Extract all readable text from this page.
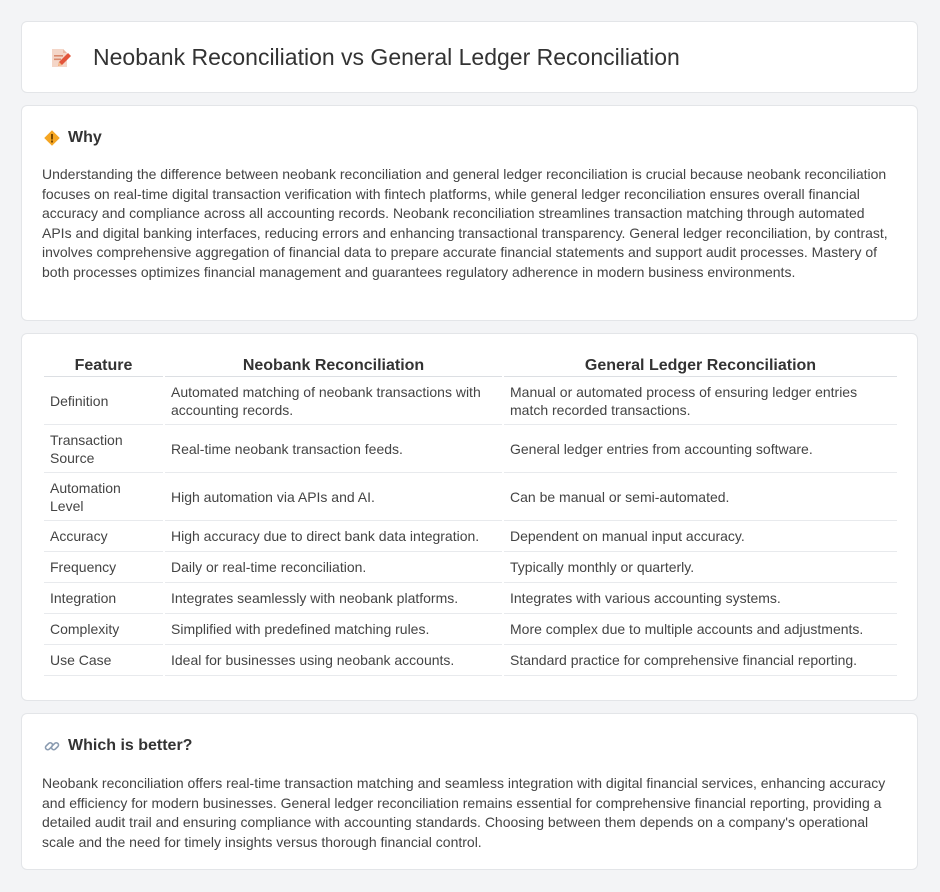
Neobank Reconciliation vs General Ledger Reconciliation
Why

Understanding the difference between neobank reconciliation and general ledger reconciliation is crucial because neobank reconciliation focuses on real-time digital transaction verification with fintech platforms, while general ledger reconciliation ensures overall financial accuracy and compliance across all accounting records. Neobank reconciliation streamlines transaction matching through automated APIs and digital banking interfaces, reducing errors and enhancing transactional transparency. General ledger reconciliation, by contrast, involves comprehensive aggregation of financial data to prepare accurate financial statements and support audit processes. Mastery of both processes optimizes financial management and guarantees regulatory adherence in modern business environments.

Feature	Neobank Reconciliation	General Ledger Reconciliation
Definition	Automated matching of neobank transactions with accounting records.	Manual or automated process of ensuring ledger entries match recorded transactions.
Transaction Source	Real-time neobank transaction feeds.	General ledger entries from accounting software.
Automation Level	High automation via APIs and AI.	Can be manual or semi-automated.
Accuracy	High accuracy due to direct bank data integration.	Dependent on manual input accuracy.
Frequency	Daily or real-time reconciliation.	Typically monthly or quarterly.
Integration	Integrates seamlessly with neobank platforms.	Integrates with various accounting systems.
Complexity	Simplified with predefined matching rules.	More complex due to multiple accounts and adjustments.
Use Case	Ideal for businesses using neobank accounts.	Standard practice for comprehensive financial reporting.
Which is better?

Neobank reconciliation offers real-time transaction matching and seamless integration with digital financial services, enhancing accuracy and efficiency for modern businesses. General ledger reconciliation remains essential for comprehensive financial reporting, providing a detailed audit trail and ensuring compliance with accounting standards. Choosing between them depends on a company's operational scale and the need for timely insights versus thorough financial control.
